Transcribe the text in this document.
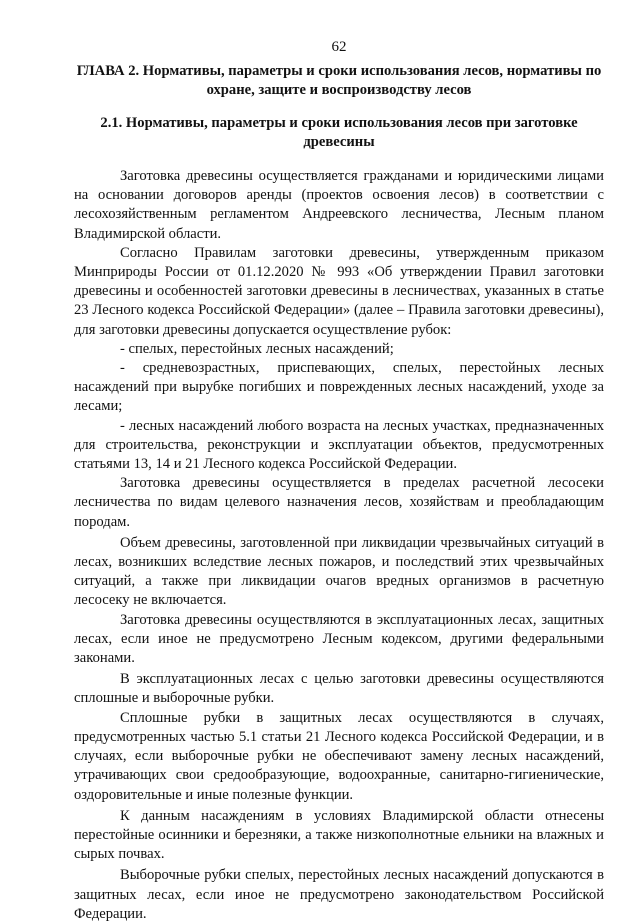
62
ГЛАВА 2. Нормативы, параметры и сроки использования лесов, нормативы по охране, защите и воспроизводству лесов
2.1. Нормативы, параметры и сроки использования лесов при заготовке древесины

Заготовка древесины осуществляется гражданами и юридическими лицами на основании договоров аренды (проектов освоения лесов) в соответствии с лесохозяйственным регламентом Андреевского лесничества, Лесным планом Владимирской области.

Согласно Правилам заготовки древесины, утвержденным приказом Минприроды России от 01.12.2020 № 993 «Об утверждении Правил заготовки древесины и особенностей заготовки древесины в лесничествах, указанных в статье 23 Лесного кодекса Российской Федерации» (далее – Правила заготовки древесины), для заготовки древесины допускается осуществление рубок:

- спелых, перестойных лесных насаждений;

- средневозрастных, приспевающих, спелых, перестойных лесных насаждений при вырубке погибших и поврежденных лесных насаждений, уходе за лесами;

- лесных насаждений любого возраста на лесных участках, предназначенных для строительства, реконструкции и эксплуатации объектов, предусмотренных статьями 13, 14 и 21 Лесного кодекса Российской Федерации.

Заготовка древесины осуществляется в пределах расчетной лесосеки лесничества по видам целевого назначения лесов, хозяйствам и преобладающим породам.

Объем древесины, заготовленной при ликвидации чрезвычайных ситуаций в лесах, возникших вследствие лесных пожаров, и последствий этих чрезвычайных ситуаций, а также при ликвидации очагов вредных организмов в расчетную лесосеку не включается.

Заготовка древесины осуществляются в эксплуатационных лесах, защитных лесах, если иное не предусмотрено Лесным кодексом, другими федеральными законами.

В эксплуатационных лесах с целью заготовки древесины осуществляются сплошные и выборочные рубки.

Сплошные рубки в защитных лесах осуществляются в случаях, предусмотренных частью 5.1 статьи 21 Лесного кодекса Российской Федерации, и в случаях, если выборочные рубки не обеспечивают замену лесных насаждений, утрачивающих свои средообразующие, водоохранные, санитарно-гигиенические, оздоровительные и иные полезные функции.

К данным насаждениям в условиях Владимирской области отнесены перестойные осинники и березняки, а также низкополнотные ельники на влажных и сырых почвах.

Выборочные рубки спелых, перестойных лесных насаждений допускаются в защитных лесах, если иное не предусмотрено законодательством Российской Федерации.
